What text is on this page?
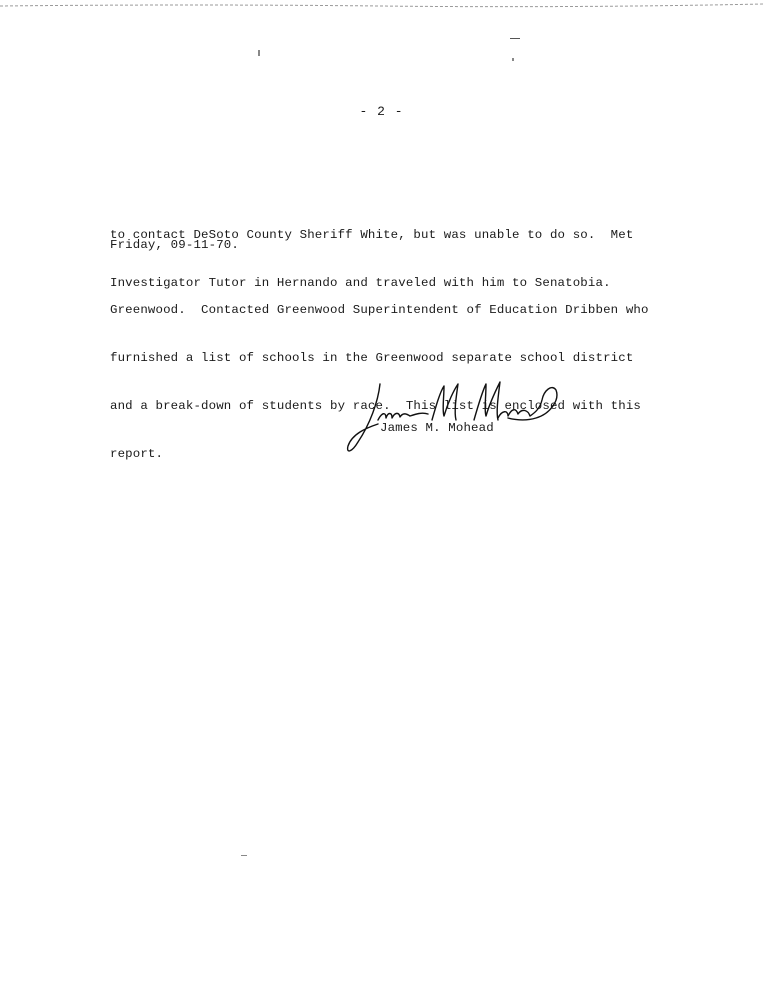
- 2 -

to contact DeSoto County Sheriff White, but was unable to do so.  Met

Investigator Tutor in Hernando and traveled with him to Senatobia.

Friday, 09-11-70.

Greenwood.  Contacted Greenwood Superintendent of Education Dribben who

furnished a list of schools in the Greenwood separate school district

and a break-down of students by race.  This list is enclosed with this

report.

James M. Mohead
